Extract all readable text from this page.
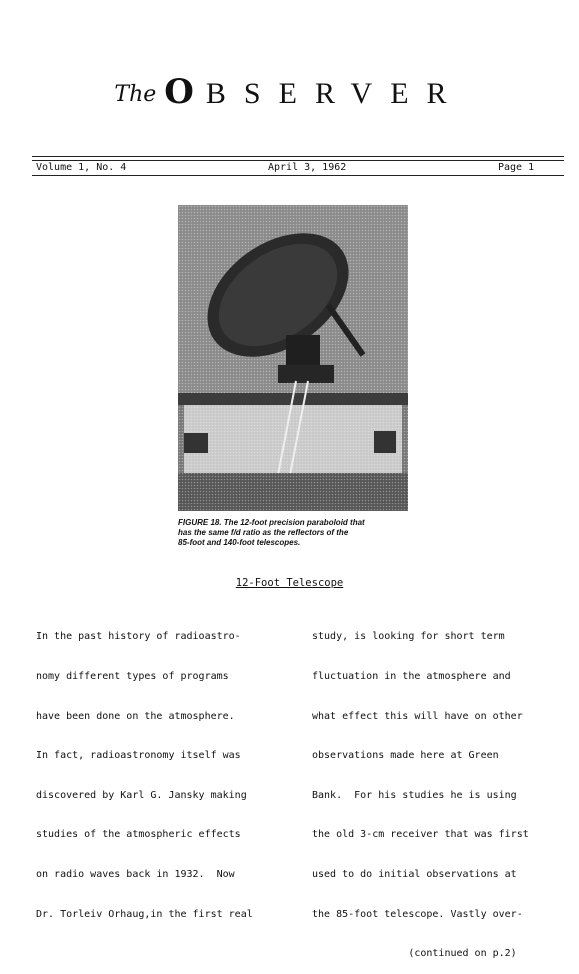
The O BSERVER
Volume 1, No. 4	April 3, 1962	Page 1
FIGURE 18. The 12-foot precision paraboloid that
has the same f/d ratio as the reflectors of the
85-foot and 140-foot telescopes.
12-Foot Telescope

In the past history of radioastro-

nomy different types of programs

have been done on the atmosphere.

In fact, radioastronomy itself was

discovered by Karl G. Jansky making

studies of the atmospheric effects

on radio waves back in 1932.  Now

Dr. Torleiv Orhaug,in the first real

study, is looking for short term

fluctuation in the atmosphere and

what effect this will have on other

observations made here at Green

Bank.  For his studies he is using

the old 3-cm receiver that was first

used to do initial observations at

the 85-foot telescope. Vastly over-

(continued on p.2)
